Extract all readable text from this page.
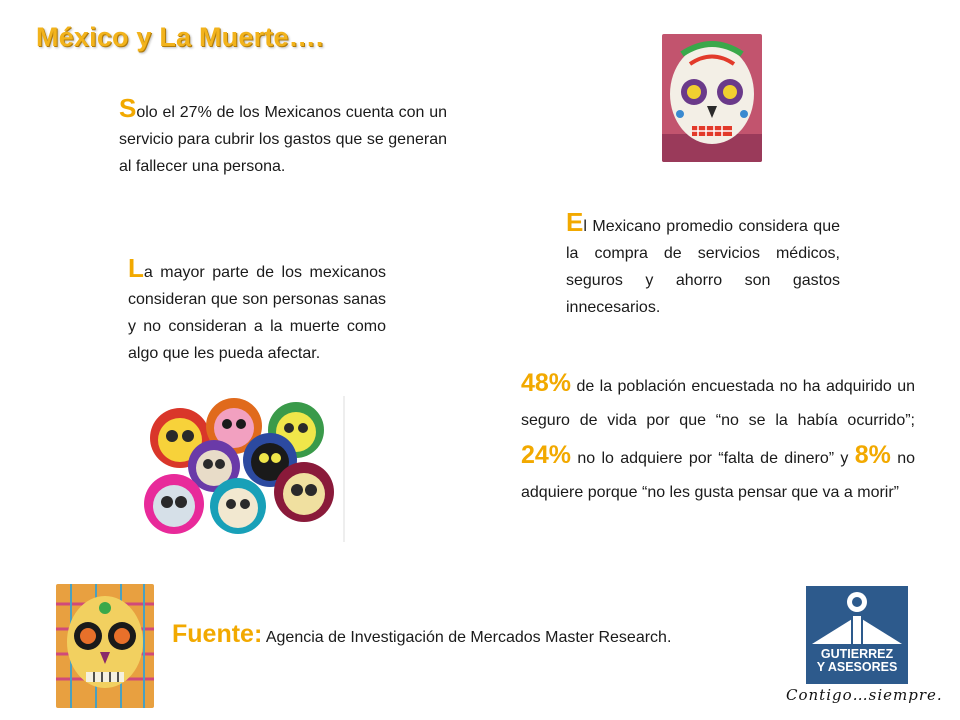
México y La Muerte….
Solo el 27% de los Mexicanos cuenta con un servicio para cubrir los gastos que se generan al fallecer una persona.
La mayor parte de los mexicanos consideran que son personas sanas y no consideran a la muerte como algo que les pueda afectar.
El Mexicano promedio considera que la compra de servicios médicos, seguros y ahorro son gastos innecesarios.
48% de la población encuestada no ha adquirido un seguro de vida por que “no se la había ocurrido”; 24% no lo adquiere por “falta de dinero” y 8% no adquiere porque “no les gusta pensar que va a morir”
Fuente: Agencia de Investigación de Mercados Master Research.
GUTIERREZ
Y ASESORES
Contigo…siempre.
